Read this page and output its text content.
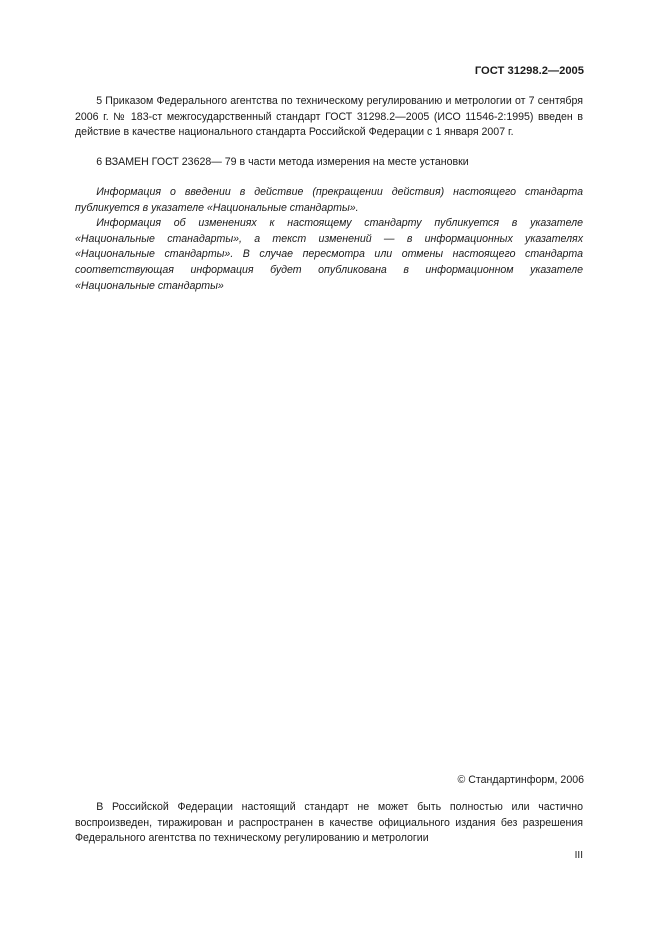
ГОСТ 31298.2—2005

5 Приказом Федерального агентства по техническому регулированию и метрологии от 7 сентября 2006 г. № 183-ст межгосударственный стандарт ГОСТ 31298.2—2005 (ИСО 11546-2:1995) введен в действие в качестве национального стандарта Российской Федерации с 1 января 2007 г.

6 ВЗАМЕН ГОСТ 23628— 79 в части метода измерения на месте установки

Информация о введении в действие (прекращении действия) настоящего стандарта публикуется в указателе «Национальные стандарты».

Информация об изменениях к настоящему стандарту публикуется в указателе «Национальные станадарты», а текст изменений — в информационных указателях «Национальные стандарты». В случае пересмотра или отмены настоящего стандарта соответствующая информация будет опубликована в информационном указателе «Национальные стандарты»

© Стандартинформ, 2006

В Российской Федерации настоящий стандарт не может быть полностью или частично воспроизведен, тиражирован и распространен в качестве официального издания без разрешения Федерального агентства по техническому регулированию и метрологии

III
